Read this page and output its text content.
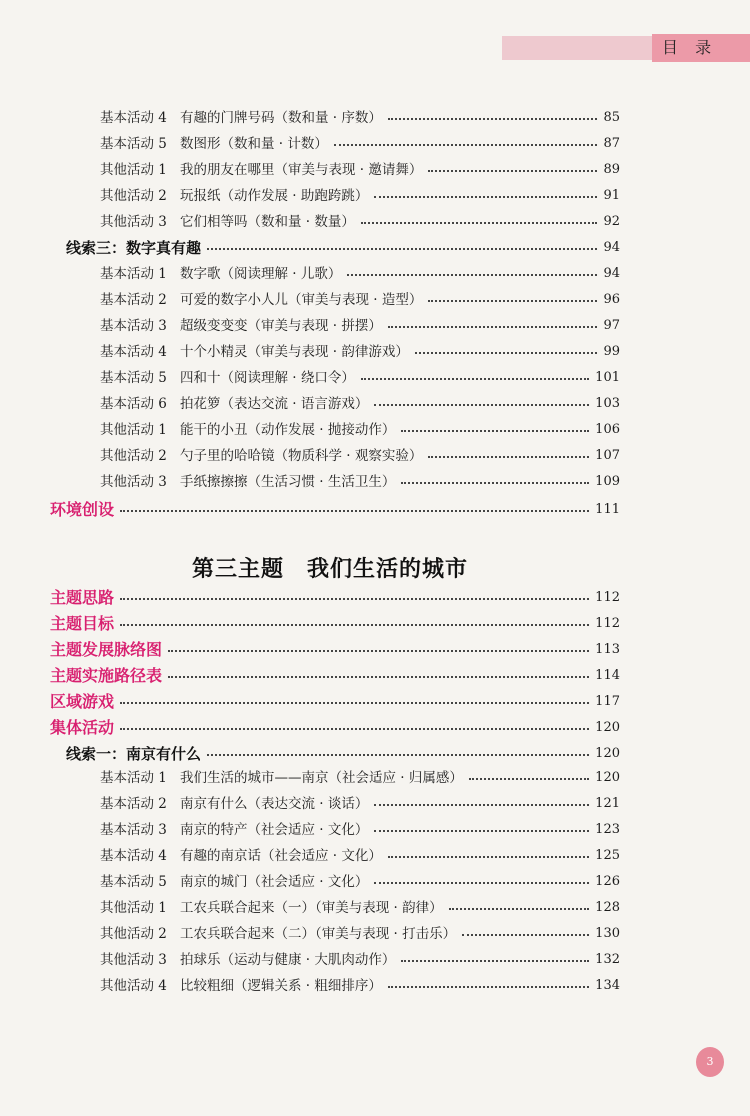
目 录
基本活动 4 有趣的门牌号码（数和量 · 序数）	85
基本活动 5 数图形（数和量 · 计数）	87
其他活动 1 我的朋友在哪里（审美与表现 · 邀请舞）	89
其他活动 2 玩报纸（动作发展 · 助跑跨跳）	91
其他活动 3 它们相等吗（数和量 · 数量）	92
线索三：数字真有趣	94
基本活动 1 数字歌（阅读理解 · 儿歌）	94
基本活动 2 可爱的数字小人儿（审美与表现 · 造型）	96
基本活动 3 超级变变变（审美与表现 · 拼摆）	97
基本活动 4 十个小精灵（审美与表现 · 韵律游戏）	99
基本活动 5 四和十（阅读理解 · 绕口令）	101
基本活动 6 拍花箩（表达交流 · 语言游戏）	103
其他活动 1 能干的小丑（动作发展 · 抛接动作）	106
其他活动 2 勺子里的哈哈镜（物质科学 · 观察实验）	107
其他活动 3 手纸擦擦擦（生活习惯 · 生活卫生）	109
环境创设	111
第三主题　我们生活的城市
主题思路	112
主题目标	112
主题发展脉络图	113
主题实施路径表	114
区域游戏	117
集体活动	120
线索一：南京有什么	120
基本活动 1 我们生活的城市——南京（社会适应 · 归属感）	120
基本活动 2 南京有什么（表达交流 · 谈话）	121
基本活动 3 南京的特产（社会适应 · 文化）	123
基本活动 4 有趣的南京话（社会适应 · 文化）	125
基本活动 5 南京的城门（社会适应 · 文化）	126
其他活动 1 工农兵联合起来（一）（审美与表现 · 韵律）	128
其他活动 2 工农兵联合起来（二）（审美与表现 · 打击乐）	130
其他活动 3 拍球乐（运动与健康 · 大肌肉动作）	132
其他活动 4 比较粗细（逻辑关系 · 粗细排序）	134
3
